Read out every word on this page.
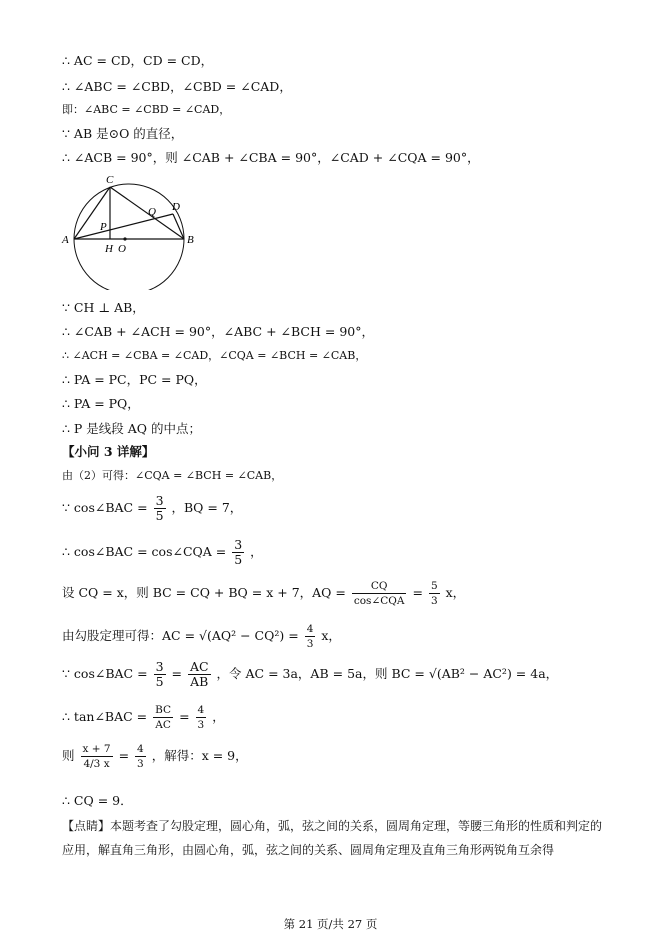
∴ AC = CD，CD = CD，
∴ ∠ABC = ∠CBD，∠CBD = ∠CAD，
即：∠ABC = ∠CBD = ∠CAD，
∵ AB 是⊙O 的直径，
∴ ∠ACB = 90°，则 ∠CAB + ∠CBA = 90°，∠CAD + ∠CQA = 90°，
C
D
Q
P
A	B
H O
∵ CH ⊥ AB，
∴ ∠CAB + ∠ACH = 90°，∠ABC + ∠BCH = 90°，
∴ ∠ACH = ∠CBA = ∠CAD，∠CQA = ∠BCH = ∠CAB，
∴ PA = PC，PC = PQ，
∴ PA = PQ，
∴ P 是线段 AQ 的中点；
【小问 3 详解】
由（2）可得：∠CQA = ∠BCH = ∠CAB，
∵ cos∠BAC = $\frac{3}{5}$ ，BQ = 7，
∴ cos∠BAC = cos∠CQA = $\frac{3}{5}$ ，
设 CQ = x，则 BC = CQ + BQ = x + 7，AQ = $\frac{CQ}{\text{cos∠CQA}} = \frac{5}{3}$ x，
由勾股定理可得：AC = $√(AQ^2 - CQ^2) = \frac{4}{3}$ x，
∵ cos∠BAC = $\frac{3}{5} = \frac{AC}{AB}$ ，令 AC = 3a，AB = 5a，则 BC = √(AB² − AC²) = 4a，
∴ tan∠BAC = $\frac{BC}{AC} = \frac{4}{3}$ ，
则 $\frac{x + 7}{4/3 x} = \frac{4}{3}$ ，解得：x = 9，
∴ CQ = 9．
【点睛】本题考查了勾股定理，圆心角，弧，弦之间的关系，圆周角定理，等腰三角形的性质和判定的应用，解直角三角形，由圆心角，弧，弦之间的关系、圆周角定理及直角三角形两锐角互余得
第 21 页/共 27 页
